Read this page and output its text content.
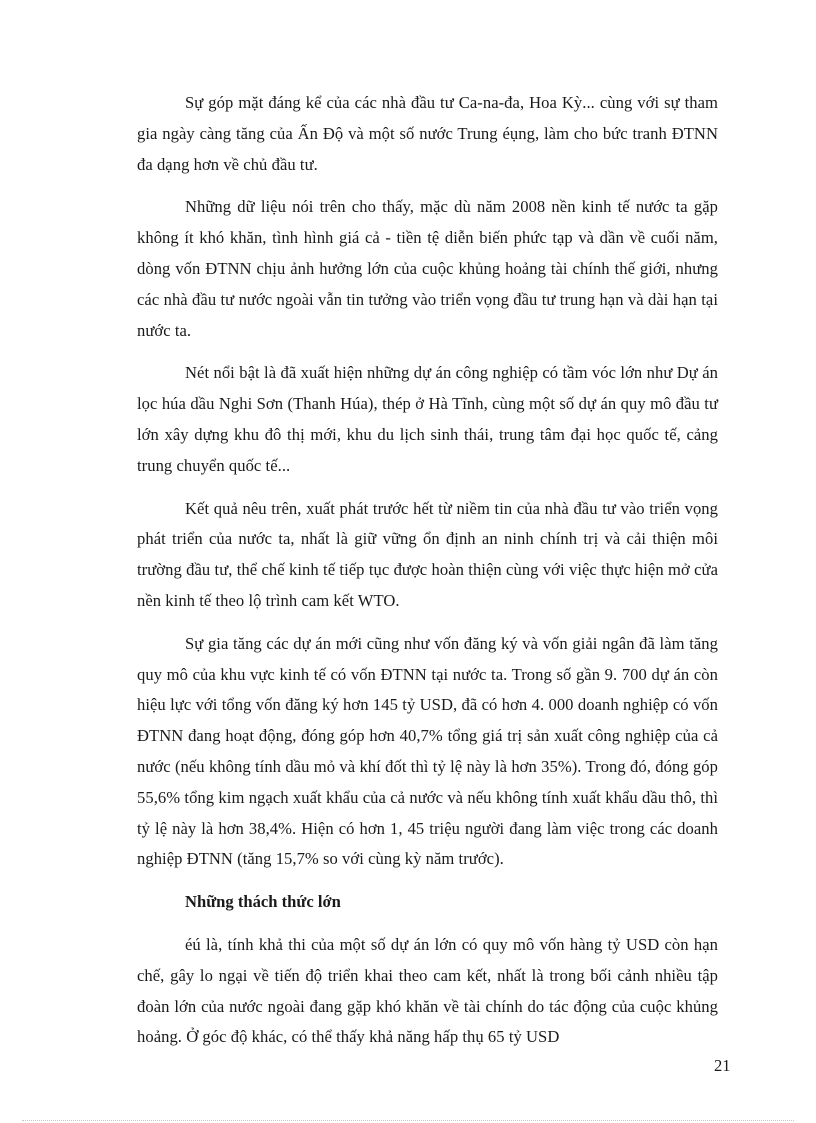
Sự góp mặt đáng kể của các nhà đầu tư Ca-na-đa, Hoa Kỳ... cùng với sự tham gia ngày càng tăng của Ấn Độ và một số nước Trung éụng, làm cho bức tranh ĐTNN đa dạng hơn về chủ đầu tư.

Những dữ liệu nói trên cho thấy, mặc dù năm 2008 nền kinh tế nước ta gặp không ít khó khăn, tình hình giá cả - tiền tệ diễn biến phức tạp và dần về cuối năm, dòng vốn ĐTNN chịu ảnh hưởng lớn của cuộc khủng hoảng tài chính thế giới, nhưng các nhà đầu tư nước ngoài vẫn tin tưởng vào triển vọng đầu tư trung hạn và dài hạn tại nước ta.

Nét nổi bật là đã xuất hiện những dự án công nghiệp có tầm vóc lớn như Dự án lọc húa dầu Nghi Sơn (Thanh Húa), thép ở Hà Tĩnh, cùng một số dự án quy mô đầu tư lớn xây dựng khu đô thị mới, khu du lịch sinh thái, trung tâm đại học quốc tế, cảng trung chuyển quốc tế...

Kết quả nêu trên, xuất phát trước hết từ niềm tin của nhà đầu tư vào triển vọng phát triển của nước ta, nhất là giữ vững ổn định an ninh chính trị và cải thiện môi trường đầu tư, thể chế kinh tế tiếp tục được hoàn thiện cùng với việc thực hiện mở cửa nền kinh tế theo lộ trình cam kết WTO.

Sự gia tăng các dự án mới cũng như vốn đăng ký và vốn giải ngân đã làm tăng quy mô của khu vực kinh tế có vốn ĐTNN tại nước ta. Trong số gần 9. 700 dự án còn hiệu lực với tổng vốn đăng ký hơn 145 tỷ USD, đã có hơn 4. 000 doanh nghiệp có vốn ĐTNN đang hoạt động, đóng góp hơn 40,7% tổng giá trị sản xuất công nghiệp của cả nước (nếu không tính dầu mỏ và khí đốt thì tỷ lệ này là hơn 35%). Trong đó, đóng góp 55,6% tổng kim ngạch xuất khẩu của cả nước và nếu không tính xuất khẩu dầu thô, thì tỷ lệ này là hơn 38,4%. Hiện có hơn 1, 45 triệu người đang làm việc trong các doanh nghiệp ĐTNN (tăng 15,7% so với cùng kỳ năm trước).

Những thách thức lớn

éú là, tính khả thi của một số dự án lớn có quy mô vốn hàng tỷ USD còn hạn chế, gây lo ngại về tiến độ triển khai theo cam kết, nhất là trong bối cảnh nhiều tập đoàn lớn của nước ngoài đang gặp khó khăn về tài chính do tác động của cuộc khủng hoảng. Ở góc độ khác, có thể thấy khả năng hấp thụ 65 tỷ USD

21
